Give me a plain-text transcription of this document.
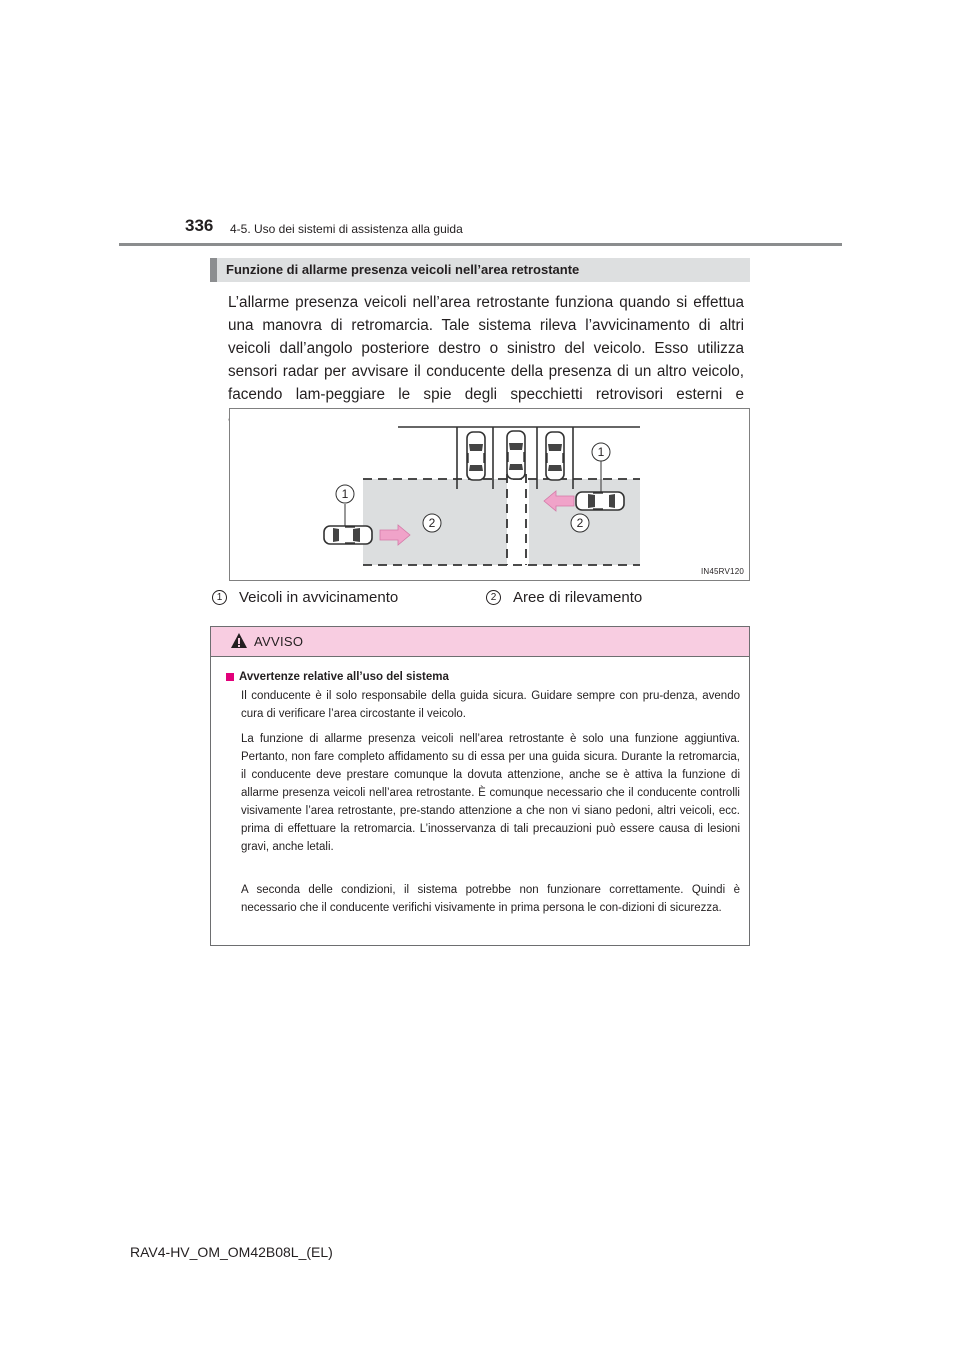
336 4-5. Uso dei sistemi di assistenza alla guida
Funzione di allarme presenza veicoli nell’area retrostante

L’allarme presenza veicoli nell’area retrostante funziona quando si effettua una manovra di retromarcia. Tale sistema rileva l’avvicinamento di altri veicoli dall’angolo posteriore destro o sinistro del veicolo. Esso utilizza sensori radar per avvisare il conducente della presenza di un altro veicolo, facendo lam-peggiare le spie degli specchietti retrovisori esterni e

1
1
2	2
IN45RV120
1	Veicoli in avvicinamento	2	Aree di rilevamento
AVVISO
Avvertenze relative all’uso del sistema

Il conducente è il solo responsabile della guida sicura. Guidare sempre con pru-denza, avendo cura di verificare l’area circostante il veicolo.

La funzione di allarme presenza veicoli nell’area retrostante è solo una funzione aggiuntiva. Pertanto, non fare completo affidamento su di essa per una guida sicura. Durante la retromarcia, il conducente deve prestare comunque la dovuta attenzione, anche se è attiva la funzione di allarme presenza veicoli nell’area retrostante. È comunque necessario che il conducente controlli visivamente l’area retrostante, pre-stando attenzione a che non vi siano pedoni, altri veicoli, ecc. prima di effettuare la retromarcia. L’inosservanza di tali precauzioni può essere causa di lesioni gravi, anche letali.

A seconda delle condizioni, il sistema potrebbe non funzionare correttamente. Quindi è necessario che il conducente verifichi visivamente in prima persona le con-dizioni di sicurezza.

RAV4-HV_OM_OM42B08L_(EL)
